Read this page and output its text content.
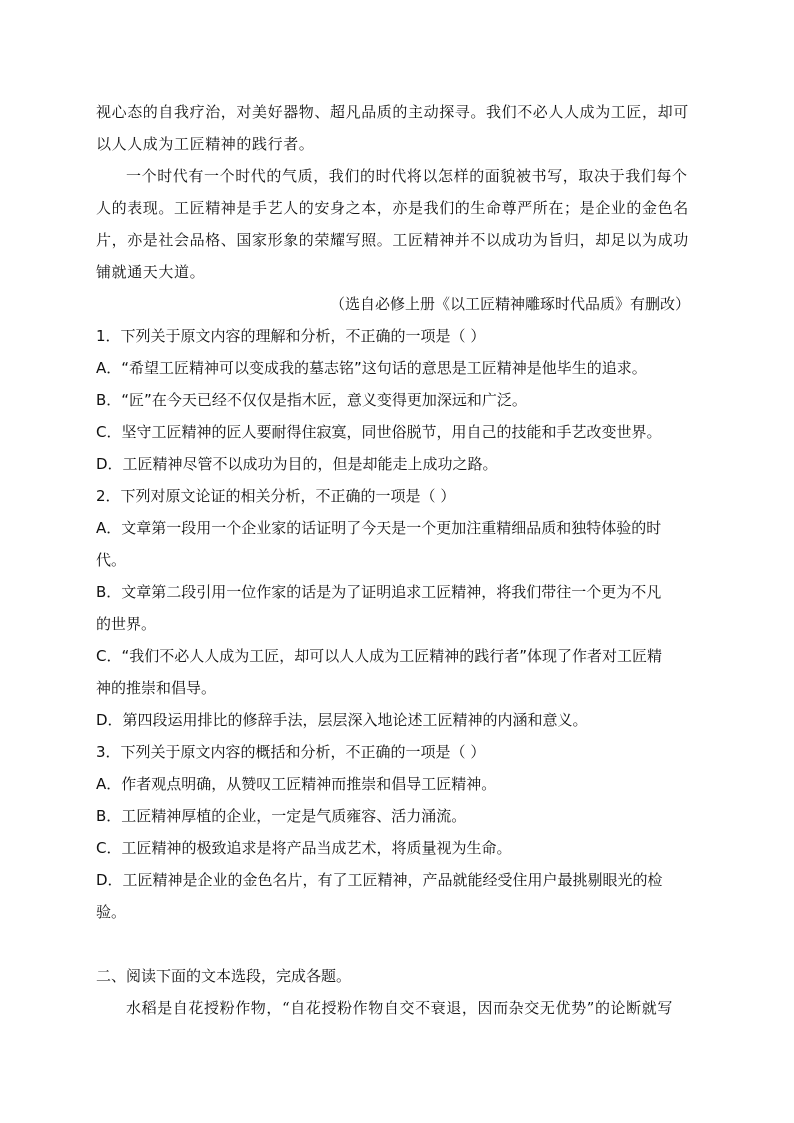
视心态的自我疗治，对美好器物、超凡品质的主动探寻。我们不必人人成为工匠，却可
以人人成为工匠精神的践行者。
一个时代有一个时代的气质，我们的时代将以怎样的面貌被书写，取决于我们每个
人的表现。工匠精神是手艺人的安身之本，亦是我们的生命尊严所在；是企业的金色名
片，亦是社会品格、国家形象的荣耀写照。工匠精神并不以成功为旨归，却足以为成功
铺就通天大道。
（选自必修上册《以工匠精神雕琢时代品质》有删改）
1．下列关于原文内容的理解和分析，不正确的一项是（ ）
A．“希望工匠精神可以变成我的墓志铭”这句话的意思是工匠精神是他毕生的追求。
B．“匠”在今天已经不仅仅是指木匠，意义变得更加深远和广泛。
C．坚守工匠精神的匠人要耐得住寂寞，同世俗脱节，用自己的技能和手艺改变世界。
D．工匠精神尽管不以成功为目的，但是却能走上成功之路。
2．下列对原文论证的相关分析，不正确的一项是（ ）
A．文章第一段用一个企业家的话证明了今天是一个更加注重精细品质和独特体验的时
代。
B．文章第二段引用一位作家的话是为了证明追求工匠精神，将我们带往一个更为不凡
的世界。
C．“我们不必人人成为工匠，却可以人人成为工匠精神的践行者”体现了作者对工匠精
神的推崇和倡导。
D．第四段运用排比的修辞手法，层层深入地论述工匠精神的内涵和意义。
3．下列关于原文内容的概括和分析，不正确的一项是（ ）
A．作者观点明确，从赞叹工匠精神而推崇和倡导工匠精神。
B．工匠精神厚植的企业，一定是气质雍容、活力涌流。
C．工匠精神的极致追求是将产品当成艺术，将质量视为生命。
D．工匠精神是企业的金色名片，有了工匠精神，产品就能经受住用户最挑剔眼光的检
验。
二、阅读下面的文本选段，完成各题。
水稻是自花授粉作物，“自花授粉作物自交不衰退，因而杂交无优势”的论断就写
